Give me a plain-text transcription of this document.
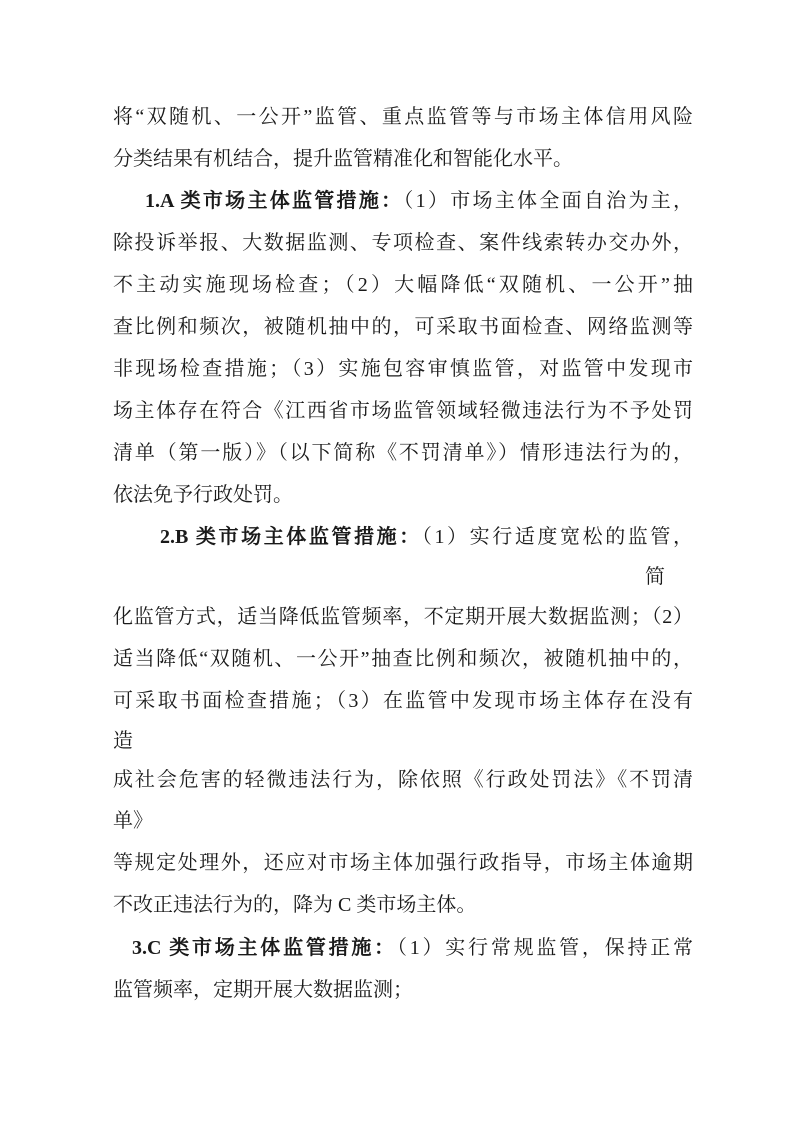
将“双随机、一公开”监管、重点监管等与市场主体信用风险
分类结果有机结合，提升监管精准化和智能化水平。
1.A 类市场主体监管措施：（1）市场主体全面自治为主，
除投诉举报、大数据监测、专项检查、案件线索转办交办外，
不主动实施现场检查；（2）大幅降低“双随机、一公开”抽
查比例和频次，被随机抽中的，可采取书面检查、网络监测等
非现场检查措施；（3）实施包容审慎监管，对监管中发现市
场主体存在符合《江西省市场监管领域轻微违法行为不予处罚
清单（第一版）》（以下简称《不罚清单》）情形违法行为的，
依法免予行政处罚。
2.B 类市场主体监管措施：（1）实行适度宽松的监管，
简
化监管方式，适当降低监管频率，不定期开展大数据监测；（2）
适当降低“双随机、一公开”抽查比例和频次，被随机抽中的，
可采取书面检查措施；（3）在监管中发现市场主体存在没有
造
成社会危害的轻微违法行为，除依照《行政处罚法》《不罚清
单》
等规定处理外，还应对市场主体加强行政指导，市场主体逾期
不改正违法行为的，降为 C 类市场主体。
3.C 类市场主体监管措施：（1）实行常规监管，保持正常
监管频率，定期开展大数据监测；
